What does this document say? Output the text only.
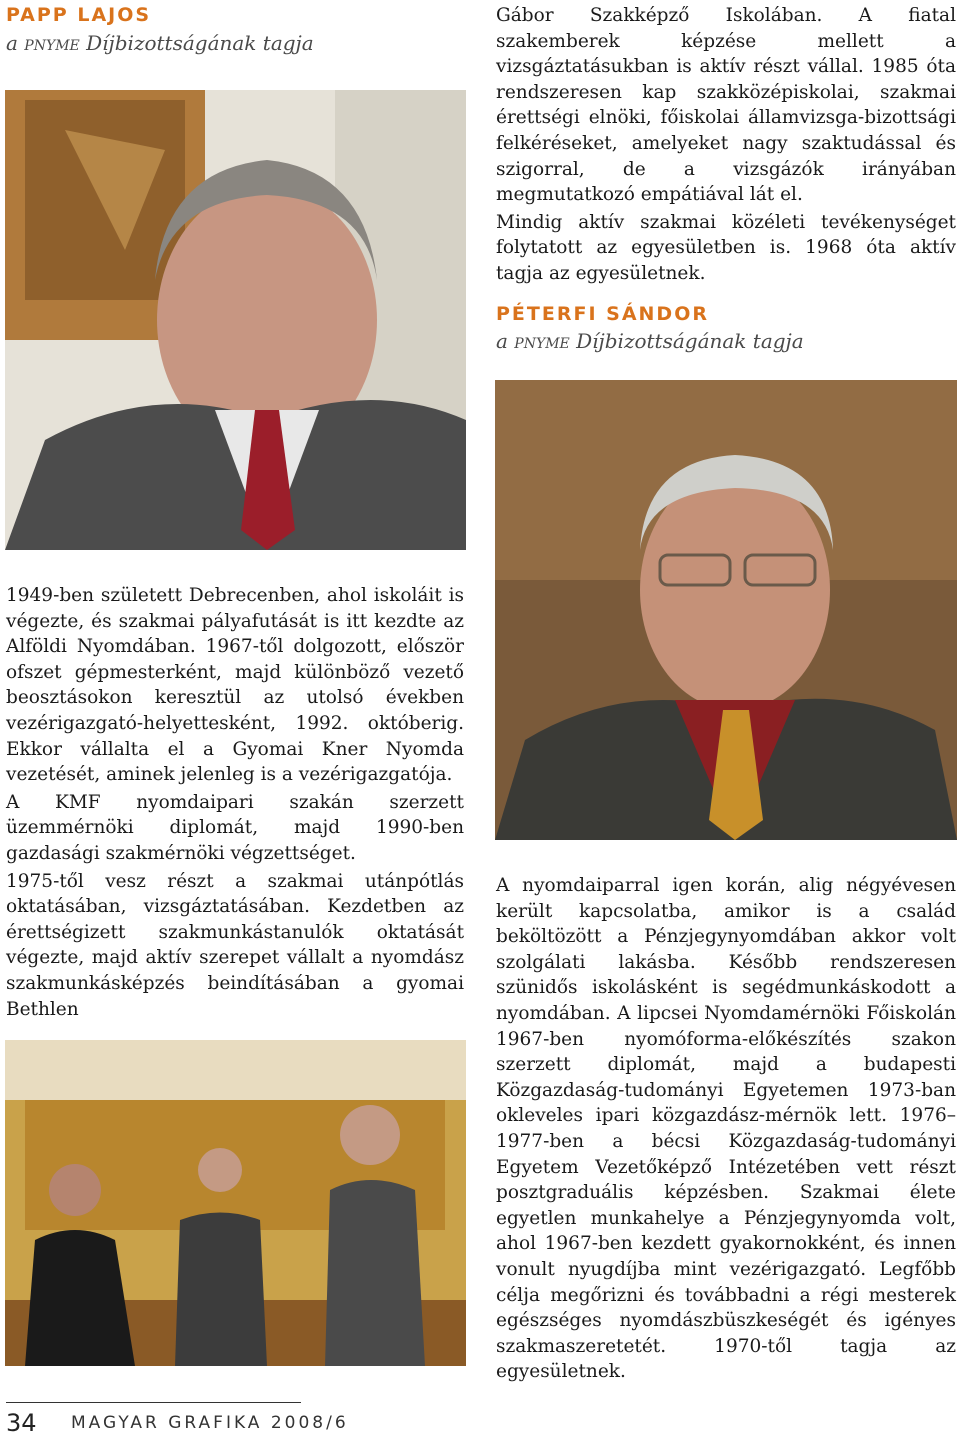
PAPP LAJOS
a pnyme Díjbizottságának tagja

1949-ben született Debrecenben, ahol iskoláit is végezte, és szakmai pályafutását is itt kezdte az Alföldi Nyomdában. 1967-től dolgozott, először ofszet gépmesterként, majd különböző vezető beosztásokon keresztül az utolsó években vezérigazgató-helyettesként, 1992. októberig. Ekkor vállalta el a Gyomai Kner Nyomda vezetését, aminek jelenleg is a vezérigazgatója.

A KMF nyomdaipari szakán szerzett üzemmérnöki diplomát, majd 1990-ben gazdasági szakmérnöki végzettséget.

1975-től vesz részt a szakmai utánpótlás oktatásában, vizsgáztatásában. Kezdetben az érettségizett szakmunkástanulók oktatását végezte, majd aktív szerepet vállalt a nyomdász szakmunkásképzés beindításában a gyomai Bethlen

Gábor Szakképző Iskolában. A fiatal szakemberek képzése mellett a vizsgáztatásukban is aktív részt vállal. 1985 óta rendszeresen kap szakközépiskolai, szakmai érettségi elnöki, főiskolai államvizsga-bizottsági felkéréseket, amelyeket nagy szaktudással és szigorral, de a vizsgázók irányában megmutatkozó empátiával lát el.

Mindig aktív szakmai közéleti tevékenységet folytatott az egyesületben is. 1968 óta aktív tagja az egyesületnek.

PÉTERFI SÁNDOR
a pnyme Díjbizottságának tagja

A nyomdaiparral igen korán, alig négyévesen került kapcsolatba, amikor is a család beköltözött a Pénzjegynyomdában akkor volt szolgálati lakásba. Később rendszeresen szünidős iskolásként is segédmunkáskodott a nyomdában. A lipcsei Nyomdamérnöki Főiskolán 1967-ben nyomóforma-előkészítés szakon szerzett diplomát, majd a budapesti Közgazdaság-tudományi Egyetemen 1973-ban okleveles ipari közgazdász-mérnök lett. 1976–1977-ben a bécsi Közgazdaság-tudományi Egyetem Vezetőképző Intézetében vett részt posztgraduális képzésben. Szakmai élete egyetlen munkahelye a Pénzjegynyomda volt, ahol 1967-ben kezdett gyakornokként, és innen vonult nyugdíjba mint vezérigazgató. Legfőbb célja megőrizni és továbbadni a régi mesterek egészséges nyomdászbüszkeségét és igényes szakmaszeretetét. 1970-től tagja az egyesületnek.

34 MAGYAR GRAFIKA 2008/6
